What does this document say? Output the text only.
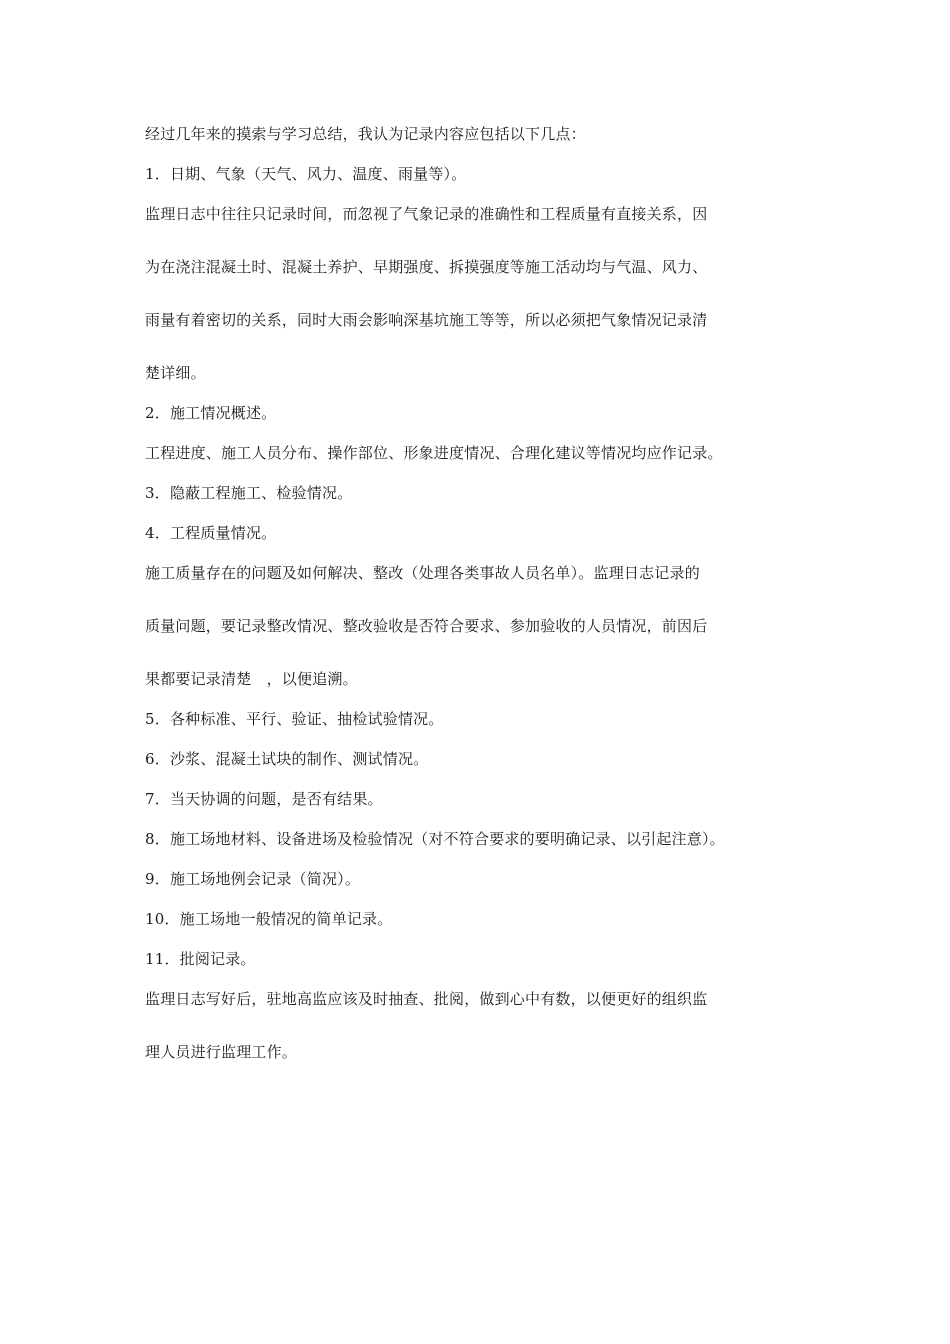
经过几年来的摸索与学习总结，我认为记录内容应包括以下几点：
1．日期、气象（天气、风力、温度、雨量等）。
监理日志中往往只记录时间，而忽视了气象记录的准确性和工程质量有直接关系，因
为在浇注混凝土时、混凝土养护、早期强度、拆摸强度等施工活动均与气温、风力、
雨量有着密切的关系，同时大雨会影响深基坑施工等等，所以必须把气象情况记录清
楚详细。
2．施工情况概述。
工程进度、施工人员分布、操作部位、形象进度情况、合理化建议等情况均应作记录。
3．隐蔽工程施工、检验情况。
4．工程质量情况。
施工质量存在的问题及如何解决、整改（处理各类事故人员名单）。监理日志记录的
质量问题，要记录整改情况、整改验收是否符合要求、参加验收的人员情况，前因后
果都要记录清楚　，以便追溯。
5．各种标准、平行、验证、抽检试验情况。
6．沙浆、混凝土试块的制作、测试情况。
7．当天协调的问题，是否有结果。
8．施工场地材料、设备进场及检验情况（对不符合要求的要明确记录、以引起注意）。
9．施工场地例会记录（简况）。
10．施工场地一般情况的简单记录。
11．批阅记录。
监理日志写好后，驻地高监应该及时抽查、批阅，做到心中有数，以便更好的组织监
理人员进行监理工作。
